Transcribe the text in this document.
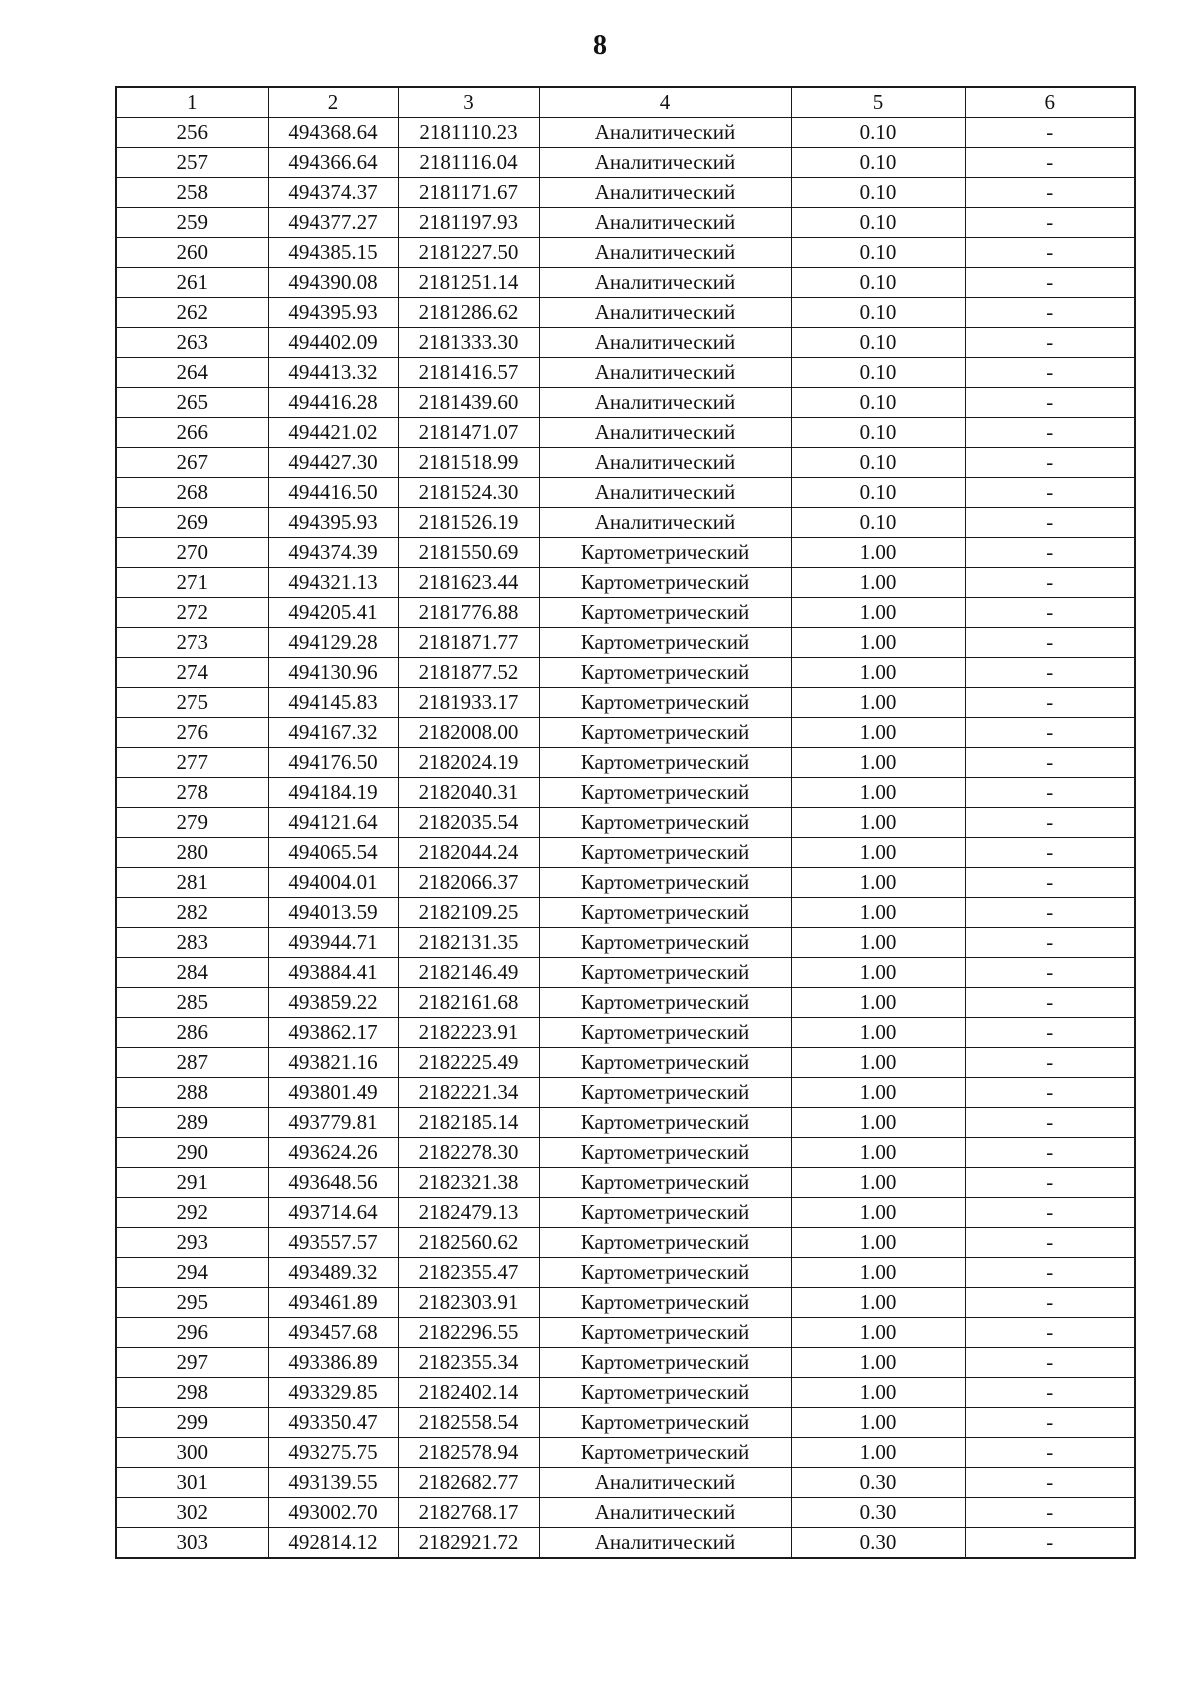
8
1	2	3	4	5	6
256	494368.64	2181110.23	Аналитический	0.10	-
257	494366.64	2181116.04	Аналитический	0.10	-
258	494374.37	2181171.67	Аналитический	0.10	-
259	494377.27	2181197.93	Аналитический	0.10	-
260	494385.15	2181227.50	Аналитический	0.10	-
261	494390.08	2181251.14	Аналитический	0.10	-
262	494395.93	2181286.62	Аналитический	0.10	-
263	494402.09	2181333.30	Аналитический	0.10	-
264	494413.32	2181416.57	Аналитический	0.10	-
265	494416.28	2181439.60	Аналитический	0.10	-
266	494421.02	2181471.07	Аналитический	0.10	-
267	494427.30	2181518.99	Аналитический	0.10	-
268	494416.50	2181524.30	Аналитический	0.10	-
269	494395.93	2181526.19	Аналитический	0.10	-
270	494374.39	2181550.69	Картометрический	1.00	-
271	494321.13	2181623.44	Картометрический	1.00	-
272	494205.41	2181776.88	Картометрический	1.00	-
273	494129.28	2181871.77	Картометрический	1.00	-
274	494130.96	2181877.52	Картометрический	1.00	-
275	494145.83	2181933.17	Картометрический	1.00	-
276	494167.32	2182008.00	Картометрический	1.00	-
277	494176.50	2182024.19	Картометрический	1.00	-
278	494184.19	2182040.31	Картометрический	1.00	-
279	494121.64	2182035.54	Картометрический	1.00	-
280	494065.54	2182044.24	Картометрический	1.00	-
281	494004.01	2182066.37	Картометрический	1.00	-
282	494013.59	2182109.25	Картометрический	1.00	-
283	493944.71	2182131.35	Картометрический	1.00	-
284	493884.41	2182146.49	Картометрический	1.00	-
285	493859.22	2182161.68	Картометрический	1.00	-
286	493862.17	2182223.91	Картометрический	1.00	-
287	493821.16	2182225.49	Картометрический	1.00	-
288	493801.49	2182221.34	Картометрический	1.00	-
289	493779.81	2182185.14	Картометрический	1.00	-
290	493624.26	2182278.30	Картометрический	1.00	-
291	493648.56	2182321.38	Картометрический	1.00	-
292	493714.64	2182479.13	Картометрический	1.00	-
293	493557.57	2182560.62	Картометрический	1.00	-
294	493489.32	2182355.47	Картометрический	1.00	-
295	493461.89	2182303.91	Картометрический	1.00	-
296	493457.68	2182296.55	Картометрический	1.00	-
297	493386.89	2182355.34	Картометрический	1.00	-
298	493329.85	2182402.14	Картометрический	1.00	-
299	493350.47	2182558.54	Картометрический	1.00	-
300	493275.75	2182578.94	Картометрический	1.00	-
301	493139.55	2182682.77	Аналитический	0.30	-
302	493002.70	2182768.17	Аналитический	0.30	-
303	492814.12	2182921.72	Аналитический	0.30	-
